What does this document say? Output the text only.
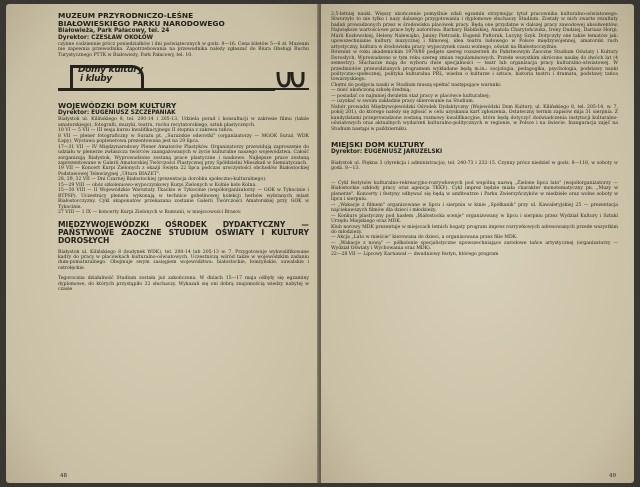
MUZEUM PRZYRODNICZO-LEŚNE

BIAŁOWIESKIEGO PARKU NARODOWEGO

Białowieża, Park Pałacowy, tel. 24

Dyrektor: CZESŁAW OKOŁÓW

czynne codziennie prócz poniedziałków i dni poświątecznych w godz. 9—16. Cena biletów 5—6 zł. Muzeum nie zapewnia przewodnika. Zapotrzebowania na przewodnika należy zgłaszać do Biura Obsługi Ruchu Turystycznego PTTK w Białowieży, Park Pałacowy, tel. 10.

Domy kultury
i kluby

WOJEWÓDZKI DOM KULTURY

Dyrektor: EUGENIUSZ SZCZEPANIAK

Białystok ul. Kilińskiego 8, tel. 200-14 i 205-13. Udziela porad i konsultacji w zakresie filmu (także amatorskiego), fotografii, muzyki, teatru, ruchu recytatorskiego, sztuk plastycznych.

10 VI — 5 VII — III sesja kursu kwalifikacyjnego II stopnia z zakresu tańca.

8 VII — plener fotograficzny w Surażu pt. „Surażskie odwrotki" (organizatorzy — MGOK Suraż, WDK Łapy). Wystawa poplenerowa prezentowana jest na 29 lipca.

17—31 VII — IV Międzynarodowy Plener Amatorów Plastyków. Organizatorzy przewidują zaproszenie do udziału w plenerze zwłaszcza twórców zaangażowanych w życie kulturalne naszego województwa. Całość zorganizują Białystok, Wyprowadzone zostaną prace plastyczne i naukowe. Najlepsze prace zostaną zaprezentowane w Galerii Amatorskiej Twórczości Plastycznej przy Spółdzielni Mieszkań w Siemiatyczach.

19 VII — Koncert Kurpi Zielonych z okazji Święta 22 lipca podczas uroczystości obchodów Białostockiej Podstawowej Telewizyjnej „Ułtura BIAZET".

28, 29, 32 VII — Dni Czarnej Białostockiej (prezentacja dorobku społeczno-kulturalnego).

15—29 VIII — obóz szkoleniowo-wypoczynkowy Kurpi Zielonych w Kolnie koło Kolna.

15—30 VIII — II Wojewódzkie Warsztaty Tkackie w Tykocinie (współorganizatorzy — GOK w Tykocinie i BTPSP). Uczestnicy pleneru wykonają w technice gobelinowej kolekcji herbów wybranych miast Białostocczyzny. Cykl skaponatów przekazana zostanie Galerii Twórczości Amatorskiej przy GOK w Tykocinie.

27 VIII — 1 IX — koncerty Kurpi Zielonych w Rumunii, w miejscowości Brasov.

MIĘDZYWOJEWÓDZKI OŚRODEK DYDAKTYCZNY —PAŃSTWOWE ZAOCZNE STUDIUM OŚWIATY I KULTURY DOROSŁYCH

Białystok ul. Kilińskiego 8 (budynek WDK), tel. 200-14 lub 205-13 w. 7. Przygotowuje wykwalifikowane kadry do pracy w placówkach kulturalno-oświatowych. Uczestniczą wśród także w wojewódzkim zadaniu dum-pomaturalnego. Obejmuje swym zasięgiem województwa: białostockie, łomżyńskie, suwalskie i ostrołęckie.

Tegoroczna działalność Studium została już zakończona. W dniach 15—17 maja odbyły się egzaminy dyplomowe, do których przystąpiło 32 słuchaczy. Wykazali się oni dobrą znajomością wiedzy nabytej w czasie

48

2,5-letniej nauki. Więszy ukończenie pomyślnie zdali egzamin otrzymując tytuł pracownika kulturalno-oświatowego. Stworzyło to nie tylko i nazy dalszego przygotowania i dyplomowe słuchaczy Studium. Zostały w nich zwarte rezultaty badań prowadzonych przez w środowisku placówek pracy. Będą one przydatne w dalszej pracy zawodowej absolwentów. Największe wartościowe prace były autorstwa: Barbary Babińskiej, Anatola Charytończuka, Ireny Dudziej, Dariusz Horgi, Marii Kozłowskiej, Heleny Nalewajko, Janiny Pietrasik, Eugenii Pułtorak, Lucyny Szyk. Dotyczyły one także tematów jak: upowszechnianie kultury muzycznej i filmowej, idea teatru ludowego w Polsce międzywojennej, amatorski ruch artystyczny, kultura w środowisku pracy, wypoczynek czasu wolnego, oświat na Białostocczyźnie.

Również w roku akademickim 1979/80 podjęto szereg rozszerzeń do Państwowym Zaoczne Studium Oświaty i Kultury Dorosłych. Wprowadzono w tym roku szereg zmian regulaminowych. Przede wszystkim skrócono naukę do dwóch lat (4 semestry). Słuchacze mają do wyboru dwie specjalności — teatr lub organizacja pracy kulturalno-oświatowej. W przedmiotów przewidzianych programem wykładane będą m.in.: socjologia, pedagogika, psychologia, podstawy nauki polityczno-społecznej, polityka kulturalna PRL, wiedza o kulturze i sztuce, historia teatru i dramatu, podstawy tańca towarzyskiego.

Chętni do podjęcia nauki w Studium muszą spełnić następujące warunki:

— mieć ukończoną szkołę średnią;

— posiadać co najmniej dwuletni staż pracy w placówce kulturalnej;

— uzyskać w swoim zakładzie pracy skierowanie na Studium.

Nabór prowadzi Międzywojewódzki Ośrodek Dydaktyczny (Wojewódzki Dom Kultury, ul. Kilińskiego 8, tel. 205-14, w. 7, pokój 201), do którego należy się zgłosić w celu uzyskania kart zgłoszenia. Ostateczny termin zapisów mija 31 sierpnia. Z kandydatami przeprowadzone zostaną rozmowy kwalifikacyjne, które będą dotyczyć doświadczenia instytucji kulturalno-oświatowych oraz aktualnych wydarzeń kulturalno-politycznych w regionie, w Polsce i na świecie. Inauguracja zajęć na Studium nastąpi w październiku.

MIEJSKI DOM KULTURY

Dyrektor: EUGENIUSZ JARUZELSKI

Białystok ul. Piękna 3 (dyrekcja i administracja), tel. 240-73 i 232-15. Czynny prócz niedziel w godz. 8—118, w soboty w godz. 8—13.

— Cykl festynów kulturalno-rekreacyjno-rozrywkowych pod wspólną nazwą „Zielone lipca lato" (współorganizatorzy — Białostockie szkłody pracy oraz agencja TKKF). Cykl imprez będzie miała charakter monotematyczny pn. „Muzy w plenerze". Koncerty i festyny odbywać się będą w amfiteatrze i Parku Zwierzyńczyków w niedziele oraz wolne soboty w lipcu i sierpniu.

— „Wakacje z filmem" organizowane w lipcu i sierpniu w kinie „Spółkanik" przy ul. Kawaleryjskiej 25 — prezentacja najciekawszych filmów dla dzieci i młodzieży.

— Konkurs plastyczny pod hasłem „Białostocka scenje" organizowany w lipcu i sierpniu przez Wydział Kultury i Sztuki Urzędu Miejskiego oraz MDK.

Klub norowy MDK prezentuje w miejscach letnich bogaty program imprez rozrywkowych adresowanych przede wszystkim do młodzieży.

— Akcja „Lato w mieście" kierowana do dzieci, a organizowana przez filie MDK.

— „Wakacje z nową" — półkolonie specjalistyczne upowszechniające zarodowe tańce artystycznej (organizatorzy — Wydział Oświaty i Wychowania oraz MDK).

22—28 VII — Lipcowy Karnawał — dwudniowy festyn, którego program

49
